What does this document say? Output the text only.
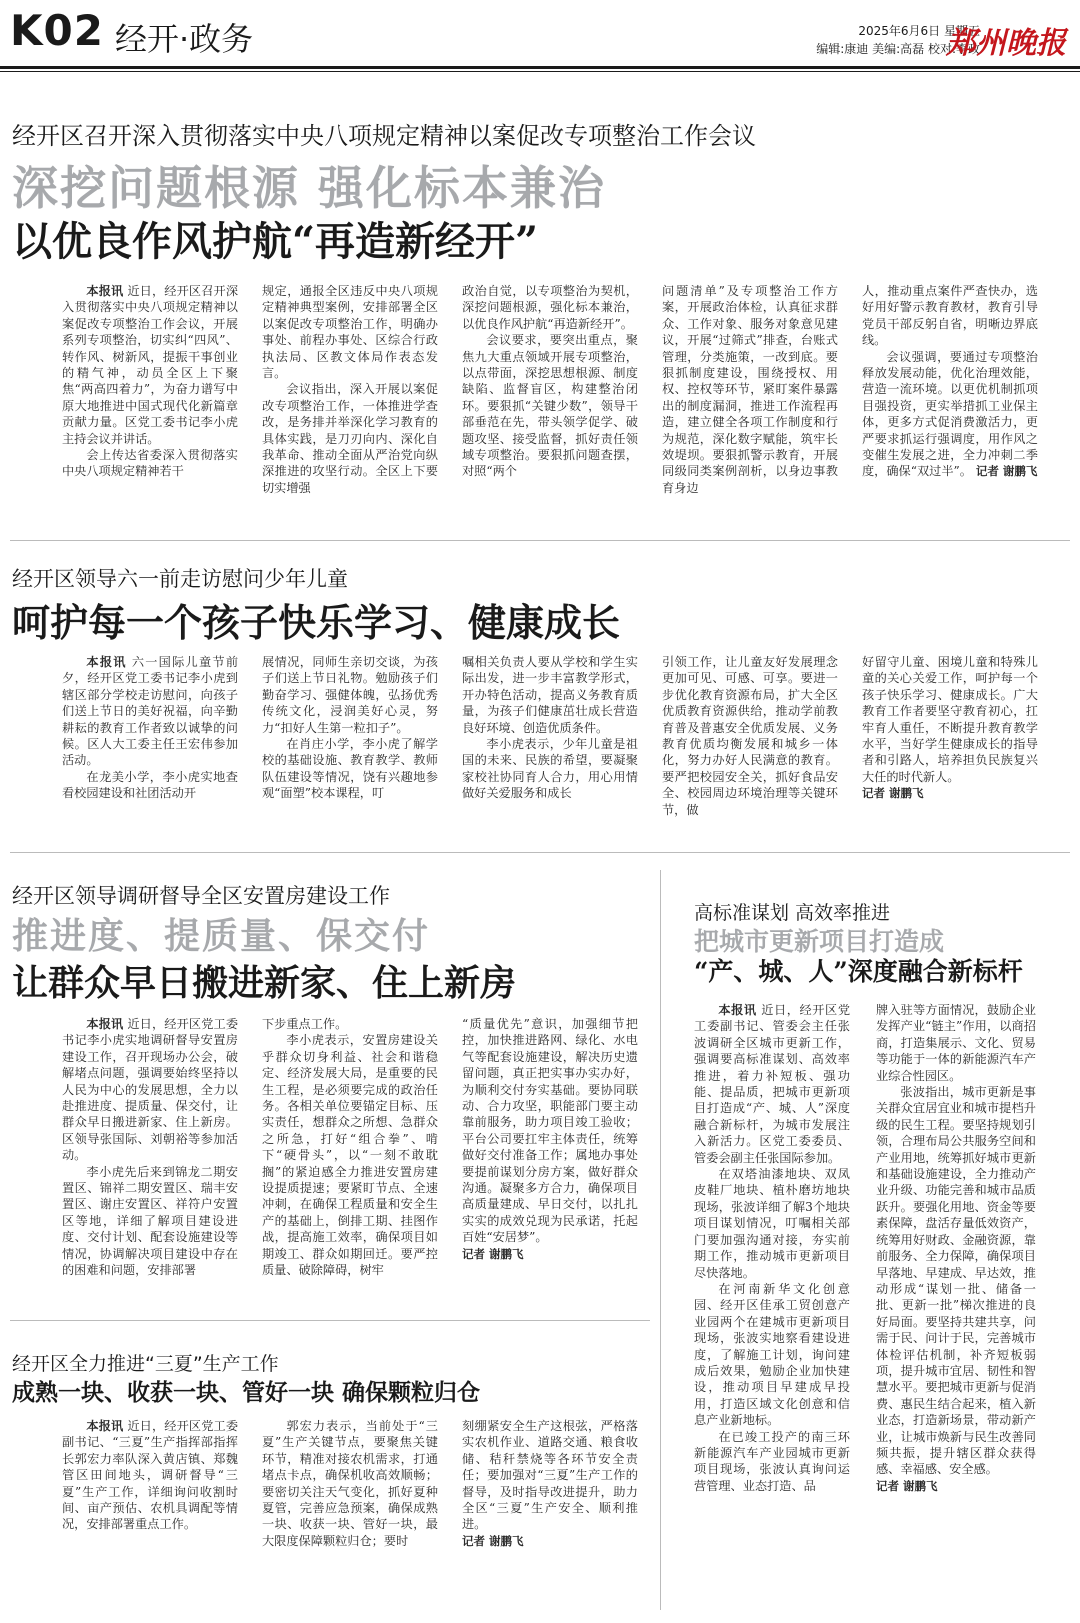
K02 经开·政务	2025年6月6日 星期五
编辑:康迪 美编:高磊 校对:李政
郑州晚报
经开区召开深入贯彻落实中央八项规定精神以案促改专项整治工作会议
深挖问题根源 强化标本兼治
以优良作风护航“再造新经开”

本报讯 近日，经开区召开深入贯彻落实中央八项规定精神以案促改专项整治工作会议，开展系列专项整治，切实纠“四风”、转作风、树新风，提振干事创业的精气神，动员全区上下聚焦“两高四着力”，为奋力谱写中原大地推进中国式现代化新篇章贡献力量。区党工委书记李小虎主持会议并讲话。

会上传达省委深入贯彻落实中央八项规定精神若干

规定，通报全区违反中央八项规定精神典型案例，安排部署全区以案促改专项整治工作，明确办事处、前程办事处、区综合行政执法局、区教文体局作表态发言。

会议指出，深入开展以案促改专项整治工作，一体推进学查改，是务排并举深化学习教育的具体实践，是刀刃向内、深化自我革命、推动全面从严治党向纵深推进的攻坚行动。全区上下要切实增强

政治自觉，以专项整治为契机，深挖问题根源，强化标本兼治，以优良作风护航“再造新经开”。

会议要求，要突出重点，聚焦九大重点领域开展专项整治，以点带面，深挖思想根源、制度缺陷、监督盲区，构建整治闭环。要狠抓“关键少数”，领导干部垂范在先，带头领学促学、破题攻坚、接受监督，抓好责任领域专项整治。要狠抓问题查摆，对照“两个

问题清单”及专项整治工作方案，开展政治体检，认真征求群众、工作对象、服务对象意见建议，开展“过筛式”排查，台账式管理，分类施策，一改到底。要狠抓制度建设，围绕授权、用权、控权等环节，紧盯案件暴露出的制度漏洞，推进工作流程再造，建立健全各项工作制度和行为规范，深化数字赋能，筑牢长效堤坝。要狠抓警示教育，开展同级同类案例剖析，以身边事教育身边

人，推动重点案件严查快办，选好用好警示教育教材，教育引导党员干部反躬自省，明晰边界底线。

会议强调，要通过专项整治释放发展动能，优化治理效能，营造一流环境。以更优机制抓项目强投资，更实举措抓工业保主体，更多方式促消费激活力，更严要求抓运行强调度，用作风之变催生发展之进，全力冲刺二季度，确保“双过半”。 记者 谢鹏飞

经开区领导六一前走访慰问少年儿童
呵护每一个孩子快乐学习、健康成长

本报讯 六一国际儿童节前夕，经开区党工委书记李小虎到辖区部分学校走访慰问，向孩子们送上节日的美好祝福，向辛勤耕耘的教育工作者致以诚挚的问候。区人大工委主任王宏伟参加活动。

在龙美小学，李小虎实地查看校园建设和社团活动开

展情况，同师生亲切交谈，为孩子们送上节日礼物。勉励孩子们勤奋学习、强健体魄，弘扬优秀传统文化，浸润美好心灵，努力“扣好人生第一粒扣子”。

在肖庄小学，李小虎了解学校的基础设施、教育教学、教师队伍建设等情况，饶有兴趣地参观“面塑”校本课程，叮

嘱相关负责人要从学校和学生实际出发，进一步丰富教学形式，开办特色活动，提高义务教育质量，为孩子们健康茁壮成长营造良好环境、创造优质条件。

李小虎表示，少年儿童是祖国的未来、民族的希望，要凝聚家校社协同育人合力，用心用情做好关爱服务和成长

引领工作，让儿童友好发展理念更加可见、可感、可享。要进一步优化教育资源布局，扩大全区优质教育资源供给，推动学前教育普及普惠安全优质发展、义务教育优质均衡发展和城乡一体化，努力办好人民满意的教育。要严把校园安全关，抓好食品安全、校园周边环境治理等关键环节，做

好留守儿童、困境儿童和特殊儿童的关心关爱工作，呵护每一个孩子快乐学习、健康成长。广大教育工作者要坚守教育初心，扛牢育人重任，不断提升教育教学水平，当好学生健康成长的指导者和引路人，培养担负民族复兴大任的时代新人。

记者 谢鹏飞

经开区领导调研督导全区安置房建设工作
推进度、提质量、保交付
让群众早日搬进新家、住上新房

本报讯 近日，经开区党工委书记李小虎实地调研督导安置房建设工作，召开现场办公会，破解堵点问题，强调要始终坚持以人民为中心的发展思想，全力以赴推进度、提质量、保交付，让群众早日搬进新家、住上新房。区领导张国际、刘朝裕等参加活动。

李小虎先后来到锦龙二期安置区、锦祥二期安置区、瑞丰安置区、谢庄安置区、祥符户安置区等地，详细了解项目建设进度、交付计划、配套设施建设等情况，协调解决项目建设中存在的困难和问题，安排部署

下步重点工作。

李小虎表示，安置房建设关乎群众切身利益、社会和谐稳定、经济发展大局，是重要的民生工程，是必须要完成的政治任务。各相关单位要锚定目标、压实责任，想群众之所想、急群众之所急，打好“组合拳”、啃下“硬骨头”，以“一刻不敢耽搁”的紧迫感全力推进安置房建设提质提速；要紧盯节点、全速冲刺，在确保工程质量和安全生产的基础上，倒排工期、挂图作战，提高施工效率，确保项目如期竣工、群众如期回迁。要严控质量、破除障碍，树牢

“质量优先”意识，加强细节把控，加快推进路网、绿化、水电气等配套设施建设，解决历史遗留问题，真正把实事办实办好，为顺利交付夯实基础。要协同联动、合力攻坚，职能部门要主动靠前服务，助力项目竣工验收；平台公司要扛牢主体责任，统筹做好交付准备工作；属地办事处要提前谋划分房方案，做好群众沟通。凝聚多方合力，确保项目高质量建成、早日交付，以扎扎实实的成效兑现为民承诺，托起百姓“安居梦”。

记者 谢鹏飞

高标准谋划 高效率推进
把城市更新项目打造成
“产、城、人”深度融合新标杆

本报讯 近日，经开区党工委副书记、管委会主任张波调研全区城市更新工作，强调要高标准谋划、高效率推进，着力补短板、强功能、提品质，把城市更新项目打造成“产、城、人”深度融合新标杆，为城市发展注入新活力。区党工委委员、管委会副主任张国际参加。

在双塔油漆地块、双凤皮鞋厂地块、植朴磨坊地块现场，张波详细了解3个地块项目谋划情况，叮嘱相关部门要加强沟通对接，夯实前期工作，推动城市更新项目尽快落地。

在河南新华文化创意园、经开区佳承工贸创意产业园两个在建城市更新项目现场，张波实地察看建设进度，了解施工计划，询问建成后效果，勉励企业加快建设，推动项目早建成早投用，打造区域文化创意和信息产业新地标。

在已竣工投产的南三环新能源汽车产业园城市更新项目现场，张波认真询问运营管理、业态打造、品

牌入驻等方面情况，鼓励企业发挥产业“链主”作用，以商招商，打造集展示、文化、贸易等功能于一体的新能源汽车产业综合性园区。

张波指出，城市更新是事关群众宜居宜业和城市提档升级的民生工程。要坚持规划引领，合理布局公共服务空间和产业用地，统筹抓好城市更新和基础设施建设，全力推动产业升级、功能完善和城市品质跃升。要强化用地、资金等要素保障，盘活存量低效资产，统筹用好财政、金融资源，靠前服务、全力保障，确保项目早落地、早建成、早达效，推动形成“谋划一批、储备一批、更新一批”梯次推进的良好局面。要坚持共建共享，问需于民、问计于民，完善城市体检评估机制，补齐短板弱项，提升城市宜居、韧性和智慧水平。要把城市更新与促消费、惠民生结合起来，植入新业态，打造新场景，带动新产业，让城市焕新与民生改善同频共振，提升辖区群众获得感、幸福感、安全感。

记者 谢鹏飞

经开区全力推进“三夏”生产工作
成熟一块、收获一块、管好一块 确保颗粒归仓

本报讯 近日，经开区党工委副书记、“三夏”生产指挥部指挥长郭宏力率队深入黄店镇、郑魏管区田间地头，调研督导“三夏”生产工作，详细询问收割时间、亩产预估、农机具调配等情况，安排部署重点工作。

郭宏力表示，当前处于“三夏”生产关键节点，要聚焦关键环节，精准对接农机需求，打通堵点卡点，确保机收高效顺畅；要密切关注天气变化，抓好夏种夏管，完善应急预案，确保成熟一块、收获一块、管好一块，最大限度保障颗粒归仓；要时

刻绷紧安全生产这根弦，严格落实农机作业、道路交通、粮食收储、秸秆禁烧等各环节安全责任；要加强对“三夏”生产工作的督导，及时指导改进提升，助力全区“三夏”生产安全、顺利推进。

记者 谢鹏飞
